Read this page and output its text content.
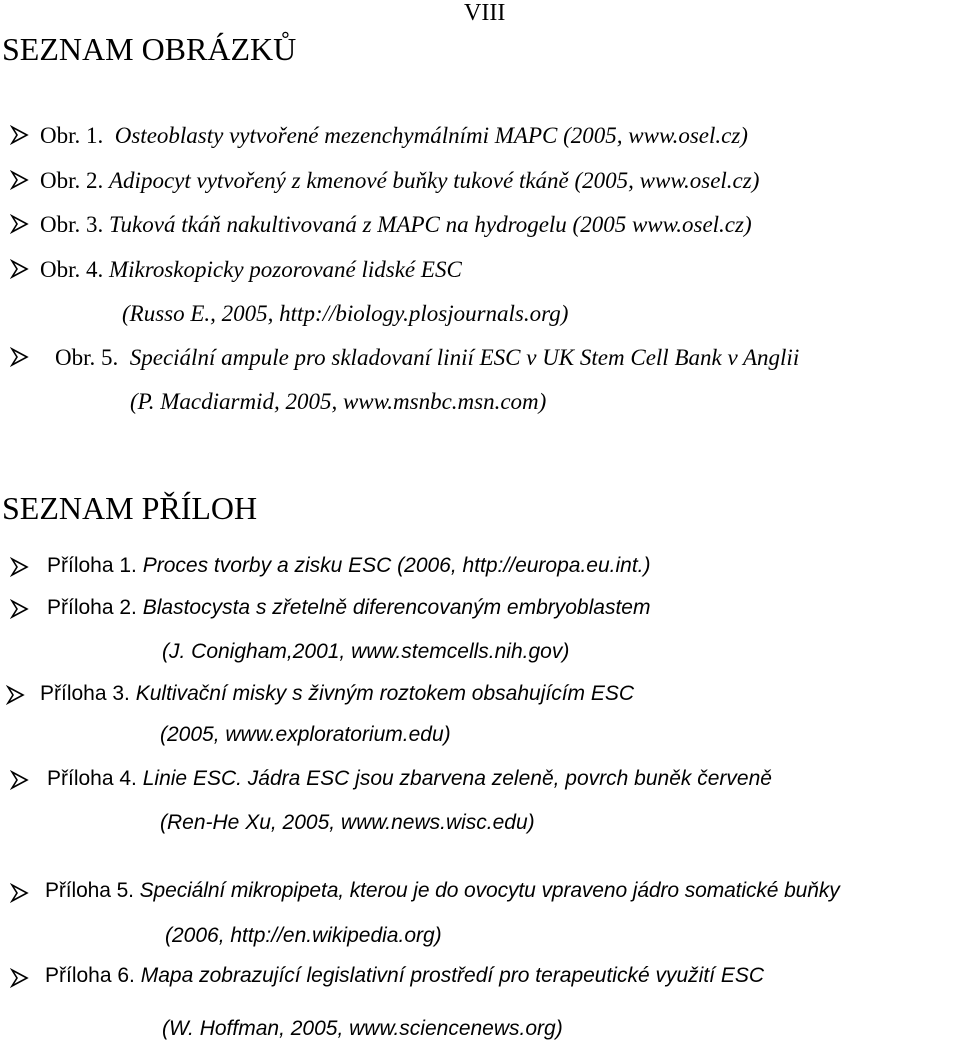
VIII
SEZNAM OBRÁZKŮ
Obr. 1. Osteoblasty vytvořené mezenchymálními MAPC (2005, www.osel.cz)
Obr. 2. Adipocyt vytvořený z kmenové buňky tukové tkáně (2005, www.osel.cz)
Obr. 3. Tuková tkáň nakultivovaná z MAPC na hydrogelu (2005 www.osel.cz)
Obr. 4. Mikroskopicky pozorované lidské ESC
(Russo E., 2005, http://biology.plosjournals.org)
Obr. 5. Speciální ampule pro skladovaní linií ESC v UK Stem Cell Bank v Anglii
(P. Macdiarmid, 2005, www.msnbc.msn.com)
SEZNAM PŘÍLOH
Příloha 1. Proces tvorby a zisku ESC (2006, http://europa.eu.int.)
Příloha 2. Blastocysta s zřetelně diferencovaným embryoblastem
(J. Conigham,2001, www.stemcells.nih.gov)
Příloha 3. Kultivační misky s živným roztokem obsahujícím ESC
(2005, www.exploratorium.edu)
Příloha 4. Linie ESC. Jádra ESC jsou zbarvena zeleně, povrch buněk červeně
(Ren-He Xu, 2005, www.news.wisc.edu)
Příloha 5. Speciální mikropipeta, kterou je do ovocytu vpraveno jádro somatické buňky
(2006, http://en.wikipedia.org)
Příloha 6. Mapa zobrazující legislativní prostředí pro terapeutické využití ESC
(W. Hoffman, 2005, www.sciencenews.org)
